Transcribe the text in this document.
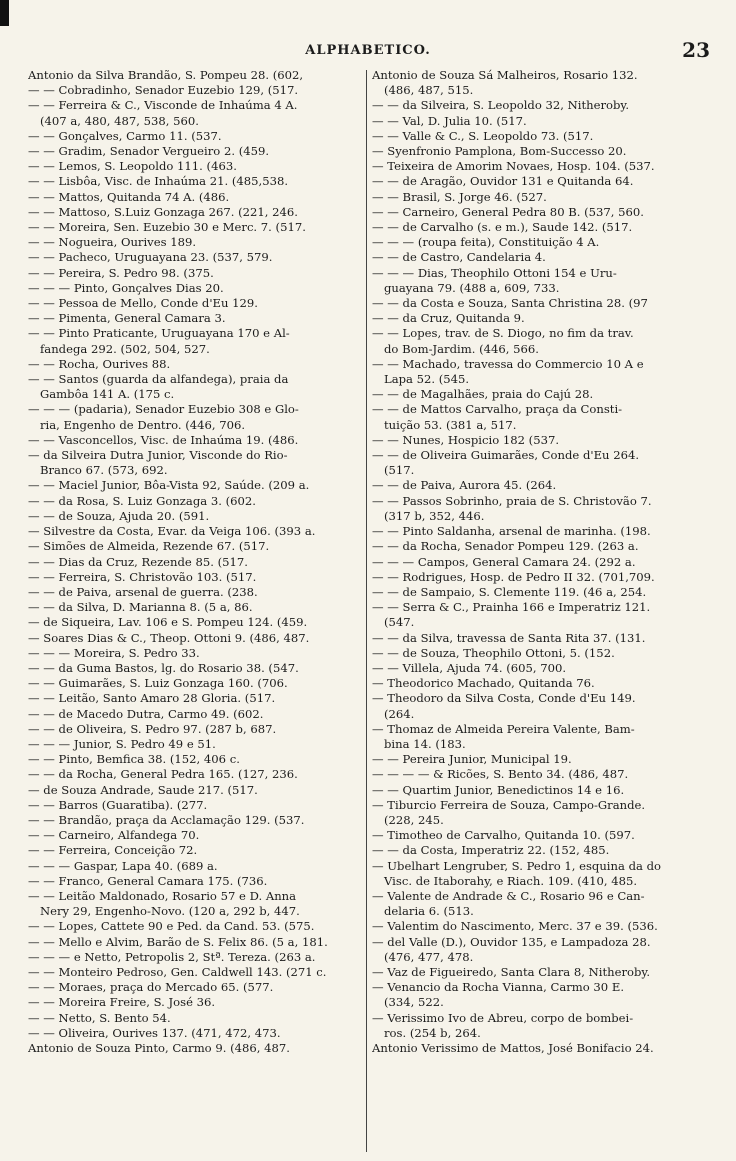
ALPHABETICO.	23
Antonio da Silva Brandão, S. Pompeu 28. (602,
— — Cobradinho, Senador Euzebio 129, (517.
— — Ferreira & C., Visconde de Inhaúma 4 A.
(407 a, 480, 487, 538, 560.
— — Gonçalves, Carmo 11. (537.
— — Gradim, Senador Vergueiro 2. (459.
— — Lemos, S. Leopoldo 111. (463.
— — Lisbôa, Visc. de Inhaúma 21. (485,538.
— — Mattos, Quitanda 74 A. (486.
— — Mattoso, S.Luiz Gonzaga 267. (221, 246.
— — Moreira, Sen. Euzebio 30 e Merc. 7. (517.
— — Nogueira, Ourives 189.
— — Pacheco, Uruguayana 23. (537, 579.
— — Pereira, S. Pedro 98. (375.
— — — Pinto, Gonçalves Dias 20.
— — Pessoa de Mello, Conde d'Eu 129.
— — Pimenta, General Camara 3.
— — Pinto Praticante, Uruguayana 170 e Al-
fandega 292. (502, 504, 527.
— — Rocha, Ourives 88.
— — Santos (guarda da alfandega), praia da
Gambôa 141 A. (175 c.
— — — (padaria), Senador Euzebio 308 e Glo-
ria, Engenho de Dentro. (446, 706.
— — Vasconcellos, Visc. de Inhaúma 19. (486.
— da Silveira Dutra Junior, Visconde do Rio-
Branco 67. (573, 692.
— — Maciel Junior, Bôa-Vista 92, Saúde. (209 a.
— — da Rosa, S. Luiz Gonzaga 3. (602.
— — de Souza, Ajuda 20. (591.
— Silvestre da Costa, Evar. da Veiga 106. (393 a.
— Simões de Almeida, Rezende 67. (517.
— — Dias da Cruz, Rezende 85. (517.
— — Ferreira, S. Christovão 103. (517.
— — de Paiva, arsenal de guerra. (238.
— — da Silva, D. Marianna 8. (5 a, 86.
— de Siqueira, Lav. 106 e S. Pompeu 124. (459.
— Soares Dias & C., Theop. Ottoni 9. (486, 487.
— — — Moreira, S. Pedro 33.
— — da Guma Bastos, lg. do Rosario 38. (547.
— — Guimarães, S. Luiz Gonzaga 160. (706.
— — Leitão, Santo Amaro 28 Gloria. (517.
— — de Macedo Dutra, Carmo 49. (602.
— — de Oliveira, S. Pedro 97. (287 b, 687.
— — — Junior, S. Pedro 49 e 51.
— — Pinto, Bemfica 38. (152, 406 c.
— — da Rocha, General Pedra 165. (127, 236.
— de Souza Andrade, Saude 217. (517.
— — Barros (Guaratiba). (277.
— — Brandão, praça da Acclamação 129. (537.
— — Carneiro, Alfandega 70.
— — Ferreira, Conceição 72.
— — — Gaspar, Lapa 40. (689 a.
— — Franco, General Camara 175. (736.
— — Leitão Maldonado, Rosario 57 e D. Anna
Nery 29, Engenho-Novo. (120 a, 292 b, 447.
— — Lopes, Cattete 90 e Ped. da Cand. 53. (575.
— — Mello e Alvim, Barão de S. Felix 86. (5 a, 181.
— — — e Netto, Petropolis 2, Stª. Tereza. (263 a.
— — Monteiro Pedroso, Gen. Caldwell 143. (271 c.
— — Moraes, praça do Mercado 65. (577.
— — Moreira Freire, S. José 36.
— — Netto, S. Bento 54.
— — Oliveira, Ourives 137. (471, 472, 473.
Antonio de Souza Pinto, Carmo 9. (486, 487.
Antonio de Souza Sá Malheiros, Rosario 132.
(486, 487, 515.
— — da Silveira, S. Leopoldo 32, Nitheroby.
— — Val, D. Julia 10. (517.
— — Valle & C., S. Leopoldo 73. (517.
— Syenfronio Pamplona, Bom-Successo 20.
— Teixeira de Amorim Novaes, Hosp. 104. (537.
— — de Aragão, Ouvidor 131 e Quitanda 64.
— — Brasil, S. Jorge 46. (527.
— — Carneiro, General Pedra 80 B. (537, 560.
— — de Carvalho (s. e m.), Saude 142. (517.
— — — (roupa feita), Constituição 4 A.
— — de Castro, Candelaria 4.
— — — Dias, Theophilo Ottoni 154 e Uru-
guayana 79. (488 a, 609, 733.
— — da Costa e Souza, Santa Christina 28. (97
— — da Cruz, Quitanda 9.
— — Lopes, trav. de S. Diogo, no fim da trav.
do Bom-Jardim. (446, 566.
— — Machado, travessa do Commercio 10 A e
Lapa 52. (545.
— — de Magalhães, praia do Cajú 28.
— — de Mattos Carvalho, praça da Consti-
tuição 53. (381 a, 517.
— — Nunes, Hospicio 182 (537.
— — de Oliveira Guimarães, Conde d'Eu 264.
(517.
— — de Paiva, Aurora 45. (264.
— — Passos Sobrinho, praia de S. Christovão 7.
(317 b, 352, 446.
— — Pinto Saldanha, arsenal de marinha. (198.
— — da Rocha, Senador Pompeu 129. (263 a.
— — — Campos, General Camara 24. (292 a.
— — Rodrigues, Hosp. de Pedro II 32. (701,709.
— — de Sampaio, S. Clemente 119. (46 a, 254.
— — Serra & C., Prainha 166 e Imperatriz 121.
(547.
— — da Silva, travessa de Santa Rita 37. (131.
— — de Souza, Theophilo Ottoni, 5. (152.
— — Villela, Ajuda 74. (605, 700.
— Theodorico Machado, Quitanda 76.
— Theodoro da Silva Costa, Conde d'Eu 149.
(264.
— Thomaz de Almeida Pereira Valente, Bam-
bina 14. (183.
— — Pereira Junior, Municipal 19.
— — — — & Ricões, S. Bento 34. (486, 487.
— — Quartim Junior, Benedictinos 14 e 16.
— Tiburcio Ferreira de Souza, Campo-Grande.
(228, 245.
— Timotheo de Carvalho, Quitanda 10. (597.
— — da Costa, Imperatriz 22. (152, 485.
— Ubelhart Lengruber, S. Pedro 1, esquina da do
Visc. de Itaborahy, e Riach. 109. (410, 485.
— Valente de Andrade & C., Rosario 96 e Can-
delaria 6. (513.
— Valentim do Nascimento, Merc. 37 e 39. (536.
— del Valle (D.), Ouvidor 135, e Lampadoza 28.
(476, 477, 478.
— Vaz de Figueiredo, Santa Clara 8, Nitheroby.
— Venancio da Rocha Vianna, Carmo 30 E.
(334, 522.
— Verissimo Ivo de Abreu, corpo de bombei-
ros. (254 b, 264.
Antonio Verissimo de Mattos, José Bonifacio 24.
